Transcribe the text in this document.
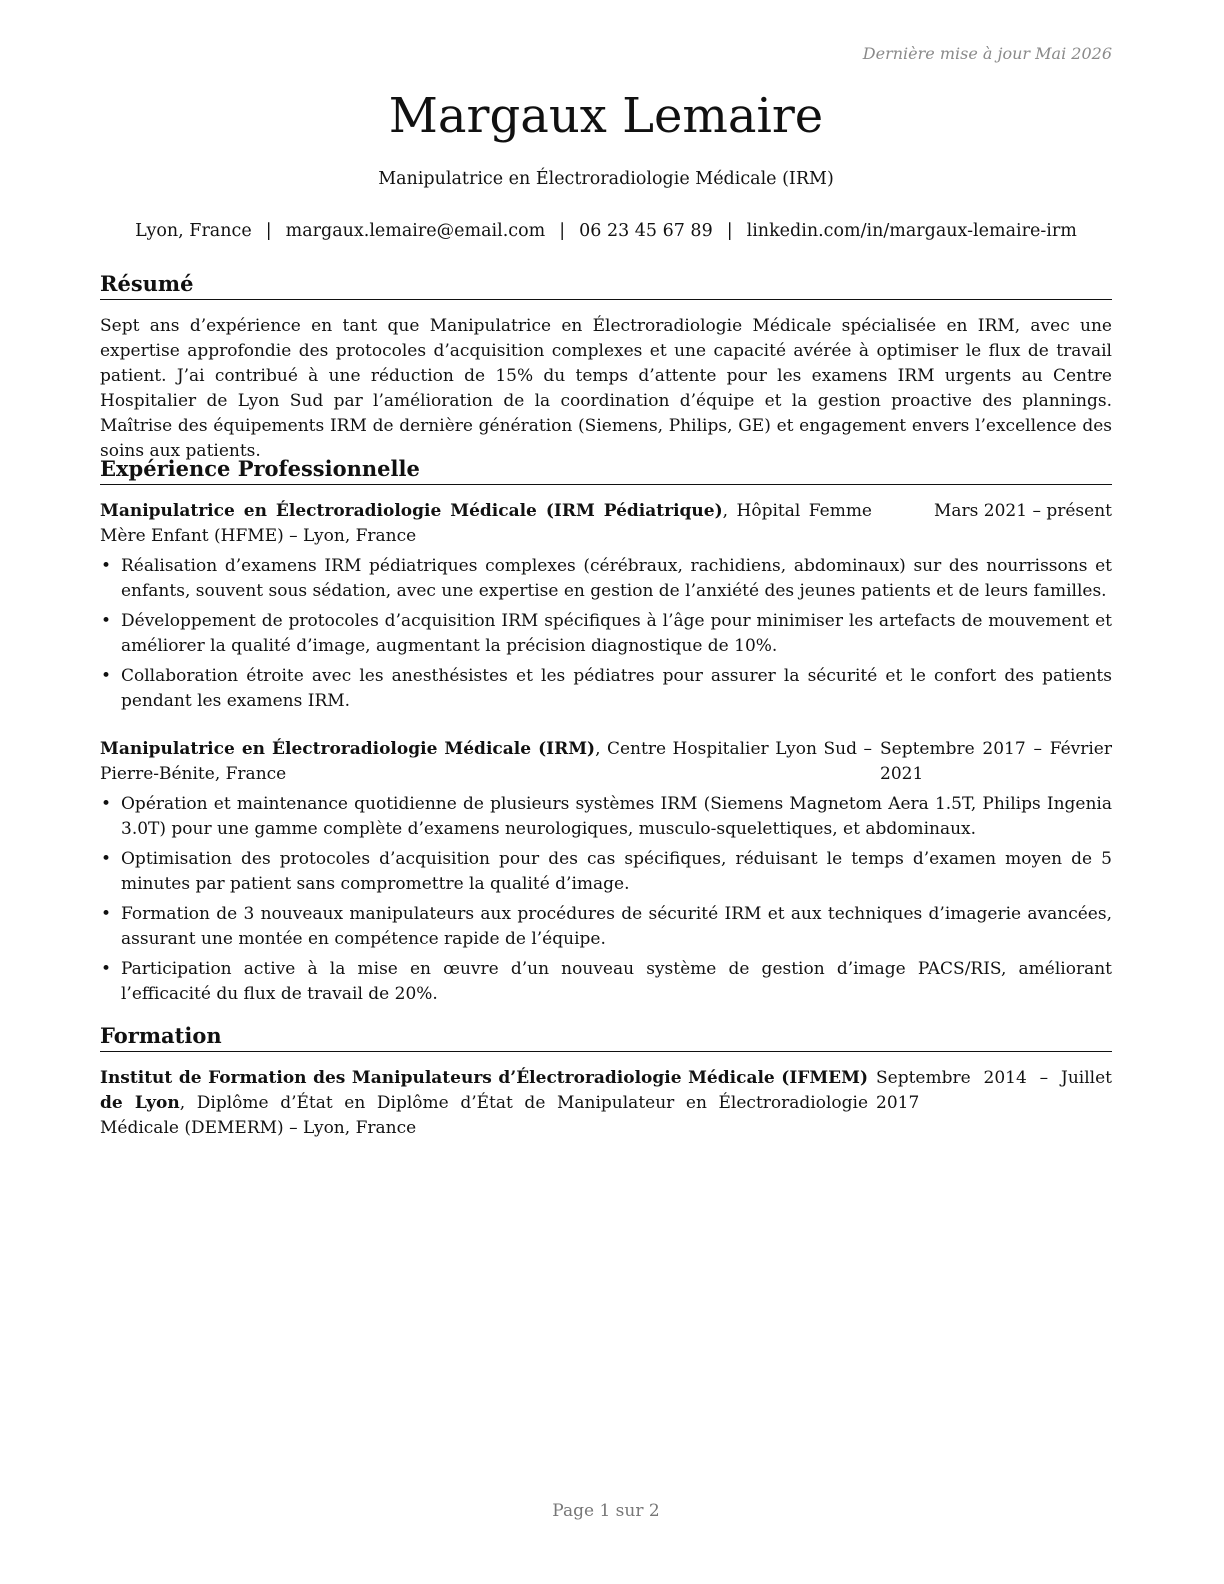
Dernière mise à jour Mai 2026
Margaux Lemaire
Manipulatrice en Électroradiologie Médicale (IRM)
Lyon, France | margaux.lemaire@email.com | 06 23 45 67 89 | linkedin.com/in/margaux-lemaire-irm
Résumé

Sept ans d’expérience en tant que Manipulatrice en Électroradiologie Médicale spécialisée en IRM, avec une expertise approfondie des protocoles d’acquisition complexes et une capacité avérée à optimiser le flux de travail patient. J’ai contribué à une réduction de 15% du temps d’attente pour les examens IRM urgents au Centre Hospitalier de Lyon Sud par l’amélioration de la coordination d’équipe et la gestion proactive des plannings. Maîtrise des équipements IRM de dernière génération (Siemens, Philips, GE) et engagement envers l’excellence des soins aux patients.

Expérience Professionnelle
Manipulatrice en Électroradiologie Médicale (IRM Pédiatrique), Hôpital Femme Mère Enfant (HFME) – Lyon, France
Mars 2021 – présent
• Réalisation d’examens IRM pédiatriques complexes (cérébraux, rachidiens, abdominaux) sur des nourrissons et enfants, souvent sous sédation, avec une expertise en gestion de l’anxiété des jeunes patients et de leurs familles.
• Développement de protocoles d’acquisition IRM spécifiques à l’âge pour minimiser les artefacts de mouvement et améliorer la qualité d’image, augmentant la précision diagnostique de 10%.
• Collaboration étroite avec les anesthésistes et les pédiatres pour assurer la sécurité et le confort des patients pendant les examens IRM.
Manipulatrice en Électroradiologie Médicale (IRM), Centre Hospitalier Lyon Sud – Pierre-Bénite, France
Septembre 2017 – Février 2021
• Opération et maintenance quotidienne de plusieurs systèmes IRM (Siemens Magnetom Aera 1.5T, Philips Ingenia 3.0T) pour une gamme complète d’examens neurologiques, musculo-squelettiques, et abdominaux.
• Optimisation des protocoles d’acquisition pour des cas spécifiques, réduisant le temps d’examen moyen de 5 minutes par patient sans compromettre la qualité d’image.
• Formation de 3 nouveaux manipulateurs aux procédures de sécurité IRM et aux techniques d’imagerie avancées, assurant une montée en compétence rapide de l’équipe.
• Participation active à la mise en œuvre d’un nouveau système de gestion d’image PACS/RIS, améliorant l’efficacité du flux de travail de 20%.
Formation
Institut de Formation des Manipulateurs d’Électroradiologie Médicale (IFMEM) de Lyon, Diplôme d’État en Diplôme d’État de Manipulateur en Électroradiologie Médicale (DEMERM) – Lyon, France
Septembre 2014 – Juillet 2017
Page 1 sur 2
